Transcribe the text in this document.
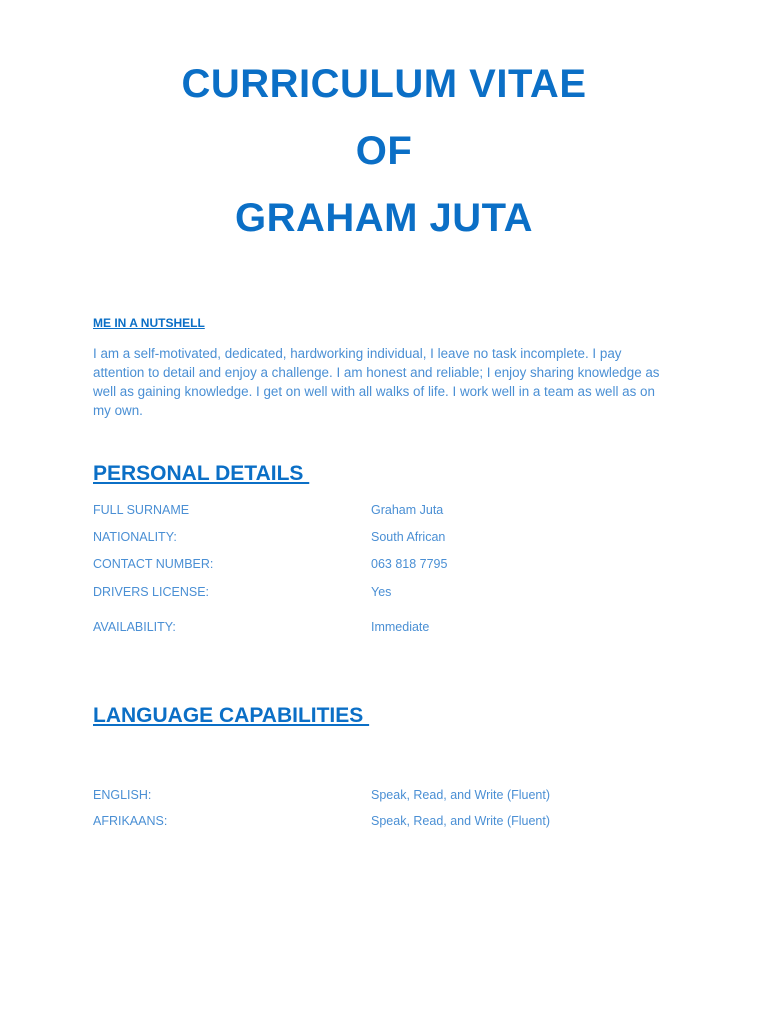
CURRICULUM VITAE
OF
GRAHAM JUTA
ME IN A NUTSHELL
I am a self-motivated, dedicated, hardworking individual, I leave no task incomplete. I pay attention to detail and enjoy a challenge. I am honest and reliable; I enjoy sharing knowledge as well as gaining knowledge. I get on well with all walks of life. I work well in a team as well as on my own.
PERSONAL DETAILS
FULL SURNAME	Graham Juta
NATIONALITY:	South African
CONTACT NUMBER:	063 818 7795
DRIVERS LICENSE:	Yes
AVAILABILITY:	Immediate
LANGUAGE CAPABILITIES
ENGLISH:	Speak, Read, and Write (Fluent)
AFRIKAANS:	Speak, Read, and Write (Fluent)
